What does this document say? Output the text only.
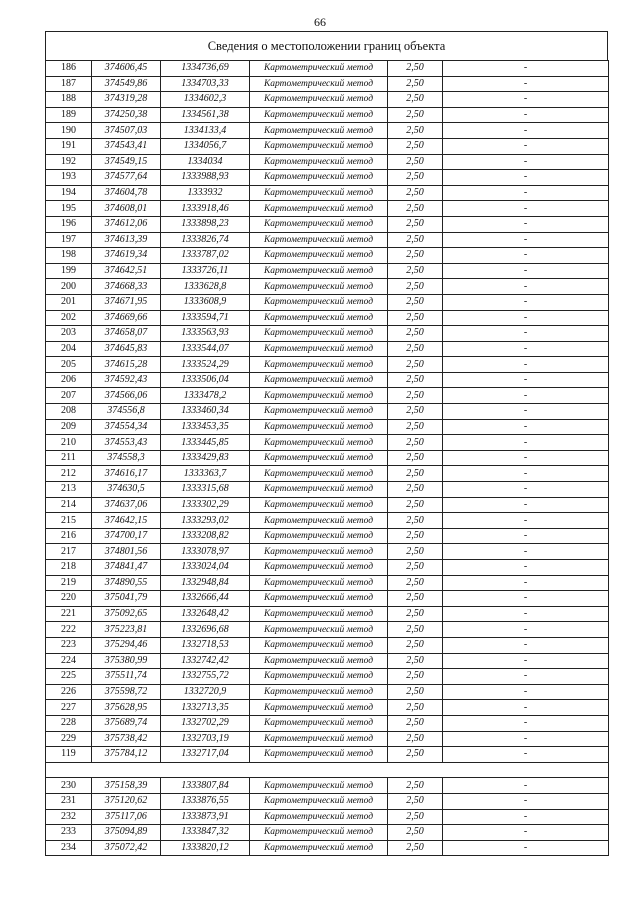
66
Сведения о местоположении границ объекта
186	374606,45	1334736,69	Картометрический метод	2,50	-
187	374549,86	1334703,33	Картометрический метод	2,50	-
188	374319,28	1334602,3	Картометрический метод	2,50	-
189	374250,38	1334561,38	Картометрический метод	2,50	-
190	374507,03	1334133,4	Картометрический метод	2,50	-
191	374543,41	1334056,7	Картометрический метод	2,50	-
192	374549,15	1334034	Картометрический метод	2,50	-
193	374577,64	1333988,93	Картометрический метод	2,50	-
194	374604,78	1333932	Картометрический метод	2,50	-
195	374608,01	1333918,46	Картометрический метод	2,50	-
196	374612,06	1333898,23	Картометрический метод	2,50	-
197	374613,39	1333826,74	Картометрический метод	2,50	-
198	374619,34	1333787,02	Картометрический метод	2,50	-
199	374642,51	1333726,11	Картометрический метод	2,50	-
200	374668,33	1333628,8	Картометрический метод	2,50	-
201	374671,95	1333608,9	Картометрический метод	2,50	-
202	374669,66	1333594,71	Картометрический метод	2,50	-
203	374658,07	1333563,93	Картометрический метод	2,50	-
204	374645,83	1333544,07	Картометрический метод	2,50	-
205	374615,28	1333524,29	Картометрический метод	2,50	-
206	374592,43	1333506,04	Картометрический метод	2,50	-
207	374566,06	1333478,2	Картометрический метод	2,50	-
208	374556,8	1333460,34	Картометрический метод	2,50	-
209	374554,34	1333453,35	Картометрический метод	2,50	-
210	374553,43	1333445,85	Картометрический метод	2,50	-
211	374558,3	1333429,83	Картометрический метод	2,50	-
212	374616,17	1333363,7	Картометрический метод	2,50	-
213	374630,5	1333315,68	Картометрический метод	2,50	-
214	374637,06	1333302,29	Картометрический метод	2,50	-
215	374642,15	1333293,02	Картометрический метод	2,50	-
216	374700,17	1333208,82	Картометрический метод	2,50	-
217	374801,56	1333078,97	Картометрический метод	2,50	-
218	374841,47	1333024,04	Картометрический метод	2,50	-
219	374890,55	1332948,84	Картометрический метод	2,50	-
220	375041,79	1332666,44	Картометрический метод	2,50	-
221	375092,65	1332648,42	Картометрический метод	2,50	-
222	375223,81	1332696,68	Картометрический метод	2,50	-
223	375294,46	1332718,53	Картометрический метод	2,50	-
224	375380,99	1332742,42	Картометрический метод	2,50	-
225	375511,74	1332755,72	Картометрический метод	2,50	-
226	375598,72	1332720,9	Картометрический метод	2,50	-
227	375628,95	1332713,35	Картометрический метод	2,50	-
228	375689,74	1332702,29	Картометрический метод	2,50	-
229	375738,42	1332703,19	Картометрический метод	2,50	-
119	375784,12	1332717,04	Картометрический метод	2,50	-

230	375158,39	1333807,84	Картометрический метод	2,50	-
231	375120,62	1333876,55	Картометрический метод	2,50	-
232	375117,06	1333873,91	Картометрический метод	2,50	-
233	375094,89	1333847,32	Картометрический метод	2,50	-
234	375072,42	1333820,12	Картометрический метод	2,50	-
